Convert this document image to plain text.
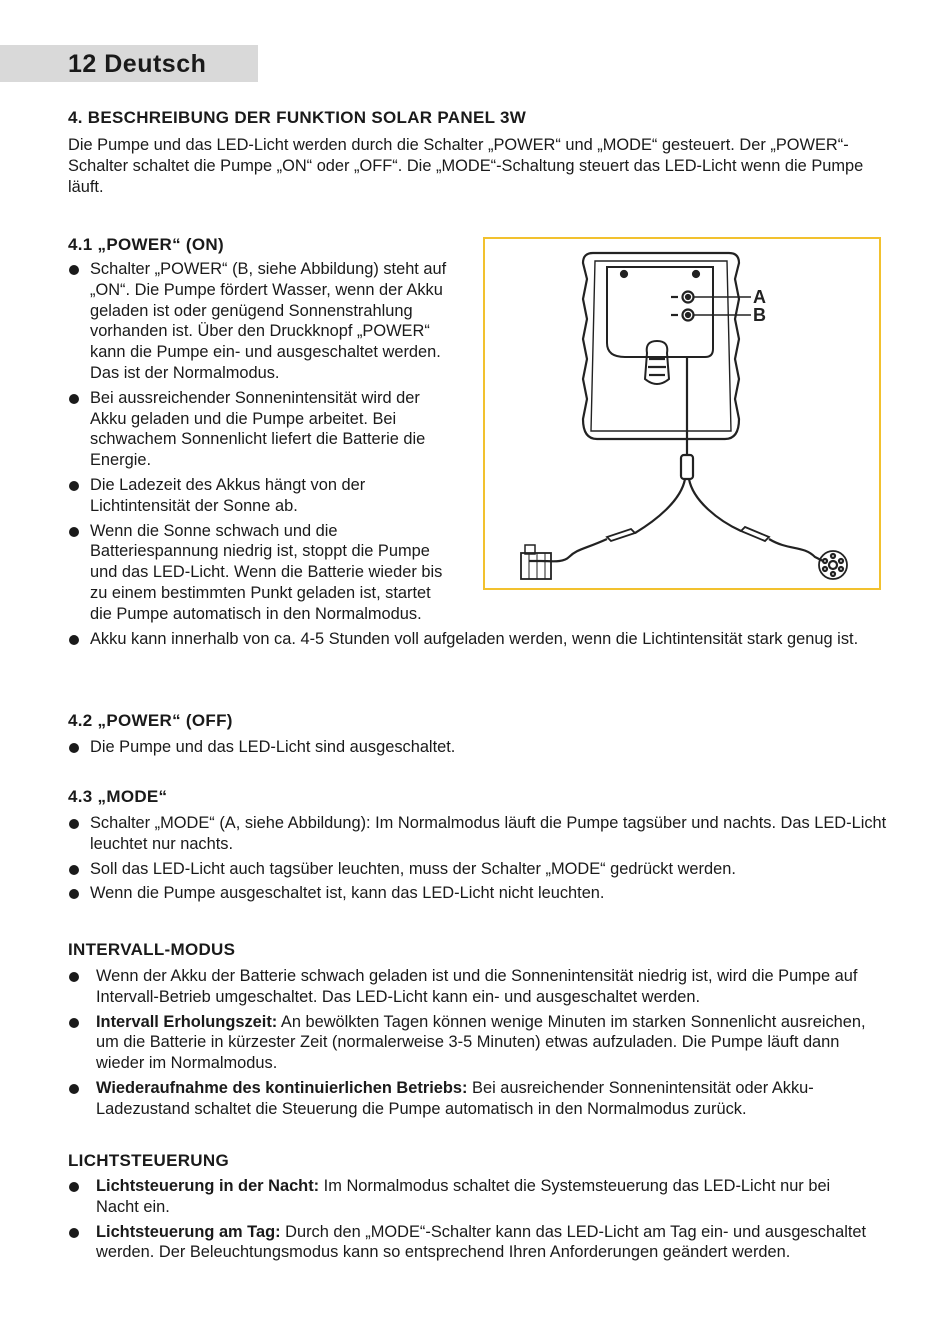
12 Deutsch
4. BESCHREIBUNG DER FUNKTION SOLAR PANEL 3W

Die Pumpe und das LED-Licht werden durch die Schalter „POWER“ und „MODE“ gesteuert. Der „POWER“-Schalter schaltet die Pumpe „ON“ oder „OFF“. Die „MODE“-Schaltung steuert das LED-Licht wenn die Pumpe läuft.

4.1 „POWER“ (ON)
Schalter „POWER“ (B, siehe Abbildung) steht auf „ON“. Die Pumpe fördert Wasser, wenn der Akku geladen ist oder genügend Sonnenstrahlung vorhanden ist. Über den Druckknopf „POWER“ kann die Pumpe ein- und ausgeschaltet werden. Das ist der Normalmodus.
Bei aussreichender Sonnenintensität wird der Akku geladen und die Pumpe arbeitet. Bei schwachem Sonnenlicht liefert die Batterie die Energie.
Die Ladezeit des Akkus hängt von der Lichtintensität der Sonne ab.
Wenn die Sonne schwach und die Batteriespannung niedrig ist, stoppt die Pumpe und das LED-Licht. Wenn die Batterie wieder bis zu einem bestimmten Punkt geladen ist, startet die Pumpe automatisch in den Normalmodus.
Akku kann innerhalb von ca. 4-5 Stunden voll aufgeladen werden, wenn die Lichtintensität stark genug ist.
A
B
4.2 „POWER“ (OFF)
Die Pumpe und das LED-Licht sind ausgeschaltet.
4.3 „MODE“
Schalter „MODE“ (A, siehe Abbildung): Im Normalmodus läuft die Pumpe tagsüber und nachts. Das LED-Licht leuchtet nur nachts.
Soll das LED-Licht auch tagsüber leuchten, muss der Schalter „MODE“ gedrückt werden.
Wenn die Pumpe ausgeschaltet ist, kann das LED-Licht nicht leuchten.
INTERVALL-MODUS
Wenn der Akku der Batterie schwach geladen ist und die Sonnenintensität niedrig ist, wird die Pumpe auf Intervall-Betrieb umgeschaltet. Das LED-Licht kann ein- und ausgeschaltet werden.
Intervall Erholungszeit: An bewölkten Tagen können wenige Minuten im starken Sonnenlicht ausreichen, um die Batterie in kürzester Zeit (normalerweise 3-5 Minuten) etwas aufzuladen. Die Pumpe läuft dann wieder im Normalmodus.
Wiederaufnahme des kontinuierlichen Betriebs: Bei ausreichender Sonnenintensität oder Akku-Ladezustand schaltet die Steuerung die Pumpe automatisch in den Normalmodus zurück.
LICHTSTEUERUNG
Lichtsteuerung in der Nacht: Im Normalmodus schaltet die Systemsteuerung das LED-Licht nur bei Nacht ein.
Lichtsteuerung am Tag: Durch den „MODE“-Schalter kann das LED-Licht am Tag ein- und ausgeschaltet werden. Der Beleuchtungsmodus kann so entsprechend Ihren Anforderungen geändert werden.
